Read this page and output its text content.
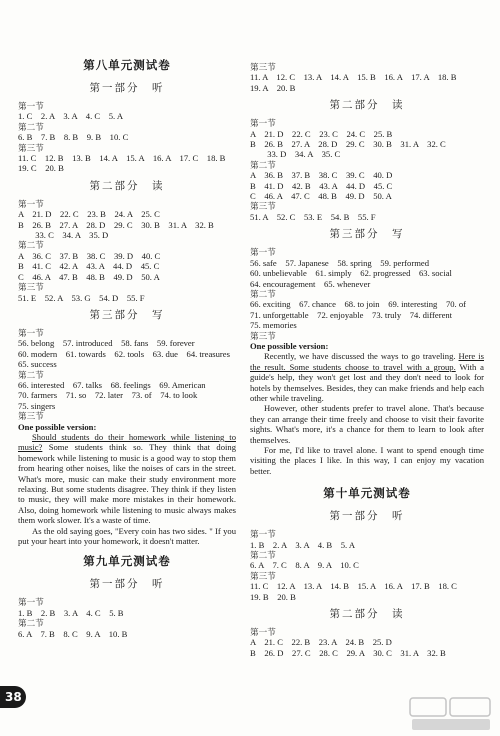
第八单元测试卷
第一部分　听
第一节
1. C　2. A　3. A　4. C　5. A
第二节
6. B　7. B　8. B　9. B　10. C
第三节
11. C　12. B　13. B　14. A　15. A　16. A　17. C　18. B
19. C　20. B
第二部分　读
第一节
A　21. D　22. C　23. B　24. A　25. C
B　26. B　27. A　28. D　29. C　30. B　31. A　32. B
　　33. C　34. A　35. D
第二节
A　36. C　37. B　38. C　39. D　40. C
B　41. C　42. A　43. A　44. D　45. C
C　46. A　47. B　48. B　49. D　50. A
第三节
51. E　52. A　53. G　54. D　55. F
第三部分　写
第一节
56. belong　57. introduced　58. fans　59. forever
60. modern　61. towards　62. tools　63. due　64. treasures
65. success
第二节
66. interested　67. talks　68. feelings　69. American
70. farmers　71. so　72. later　73. of　74. to look
75. singers
第三节
One possible version:

Should students do their homework while listening to music? Some students think so. They think that doing homework while listening to music is a good way to stop them from hearing other noises, like the noises of cars in the street. What's more, music can make their study environment more relaxing. But some students disagree. They think if they listen to music, they will make more mistakes in their homework. Also, doing homework while listening to music always makes them work slower. It's a waste of time.

As the old saying goes, "Every coin has two sides. " If you put your heart into your homework, it doesn't matter.

第九单元测试卷
第一部分　听
第一节
1. B　2. B　3. A　4. C　5. B
第二节
6. A　7. B　8. C　9. A　10. B
第三节
11. A　12. C　13. A　14. A　15. B　16. A　17. A　18. B
19. A　20. B
第二部分　读
第一节
A　21. D　22. C　23. C　24. C　25. B
B　26. B　27. A　28. D　29. C　30. B　31. A　32. C
　　33. D　34. A　35. C
第二节
A　36. B　37. B　38. C　39. C　40. D
B　41. D　42. B　43. A　44. D　45. C
C　46. A　47. C　48. B　49. D　50. A
第三节
51. A　52. C　53. E　54. B　55. F
第三部分　写
第一节
56. safe　57. Japanese　58. spring　59. performed
60. unbelievable　61. simply　62. progressed　63. social
64. encouragement　65. whenever
第二节
66. exciting　67. chance　68. to join　69. interesting　70. of
71. unforgettable　72. enjoyable　73. truly　74. different
75. memories
第三节
One possible version:

Recently, we have discussed the ways to go traveling. Here is the result. Some students choose to travel with a group. With a guide's help, they won't get lost and they don't need to look for hotels by themselves. Besides, they can make friends and help each other while traveling.

However, other students prefer to travel alone. That's because they can arrange their time freely and choose to visit their favorite sights. What's more, it's a chance for them to learn to look after themselves.

For me, I'd like to travel alone. I want to spend enough time visiting the places I like. In this way, I can enjoy my vacation better.

第十单元测试卷
第一部分　听
第一节
1. B　2. A　3. A　4. B　5. A
第二节
6. A　7. C　8. A　9. A　10. C
第三节
11. C　12. A　13. A　14. B　15. A　16. A　17. B　18. C
19. B　20. B
第二部分　读
第一节
A　21. C　22. B　23. A　24. B　25. D
B　26. D　27. C　28. C　29. A　30. C　31. A　32. B
38
